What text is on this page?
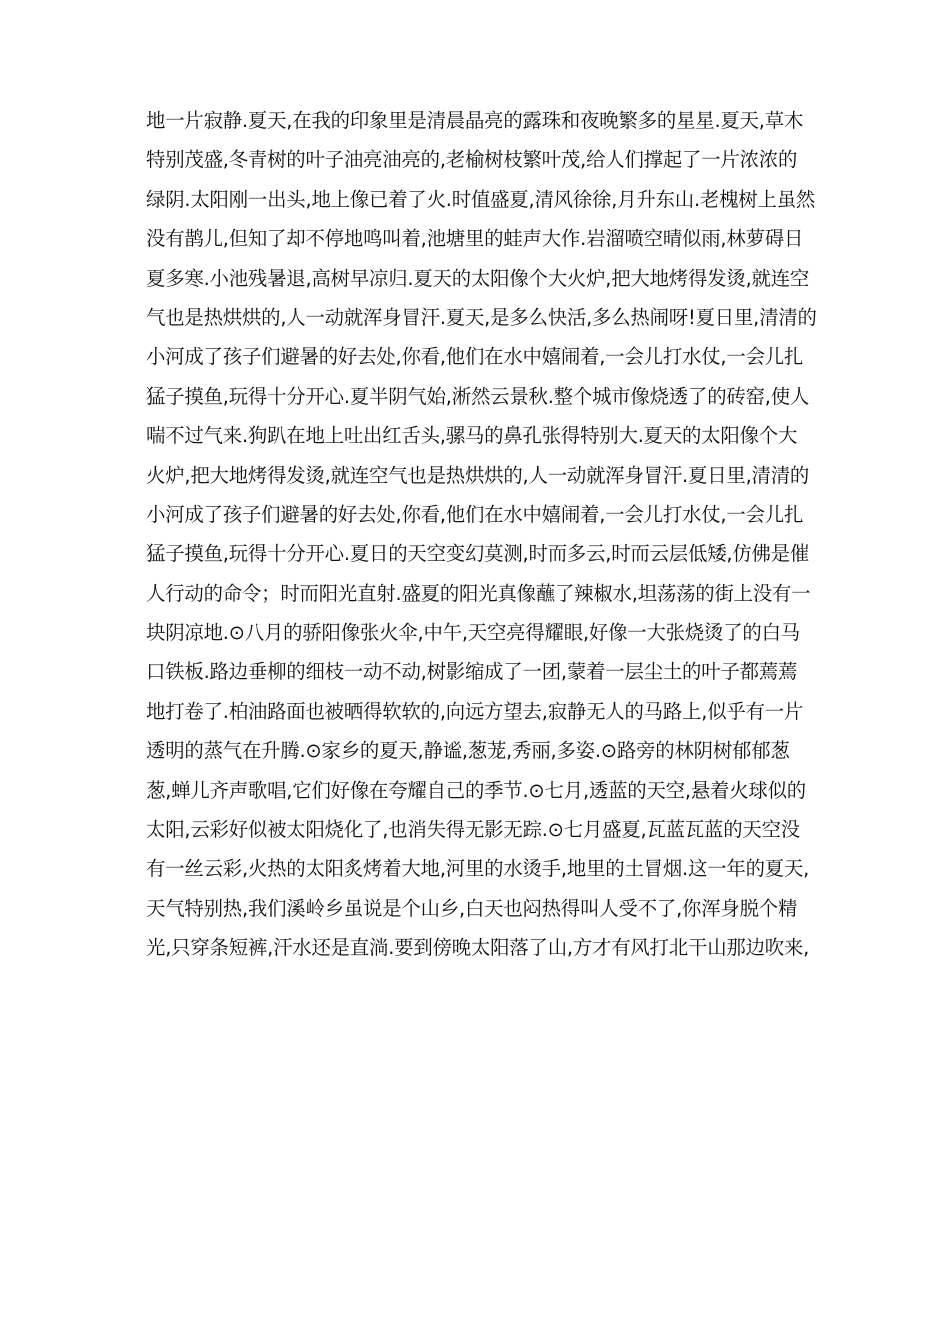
地一片寂静.夏天,在我的印象里是清晨晶亮的露珠和夜晚繁多的星星.夏天,草木
特别茂盛,冬青树的叶子油亮油亮的,老榆树枝繁叶茂,给人们撑起了一片浓浓的
绿阴.太阳刚一出头,地上像已着了火.时值盛夏,清风徐徐,月升东山.老槐树上虽然
没有鹊儿,但知了却不停地鸣叫着,池塘里的蛙声大作.岩溜喷空晴似雨,林萝碍日
夏多寒.小池残暑退,高树早凉归.夏天的太阳像个大火炉,把大地烤得发烫,就连空
气也是热烘烘的,人一动就浑身冒汗.夏天,是多么快活,多么热闹呀!夏日里,清清的
小河成了孩子们避暑的好去处,你看,他们在水中嬉闹着,一会儿打水仗,一会儿扎
猛子摸鱼,玩得十分开心.夏半阴气始,淅然云景秋.整个城市像烧透了的砖窑,使人
喘不过气来.狗趴在地上吐出红舌头,骡马的鼻孔张得特别大.夏天的太阳像个大
火炉,把大地烤得发烫,就连空气也是热烘烘的,人一动就浑身冒汗.夏日里,清清的
小河成了孩子们避暑的好去处,你看,他们在水中嬉闹着,一会儿打水仗,一会儿扎
猛子摸鱼,玩得十分开心.夏日的天空变幻莫测,时而多云,时而云层低矮,仿佛是催
人行动的命令；时而阳光直射.盛夏的阳光真像蘸了辣椒水,坦荡荡的街上没有一
块阴凉地.⊙八月的骄阳像张火伞,中午,天空亮得耀眼,好像一大张烧烫了的白马
口铁板.路边垂柳的细枝一动不动,树影缩成了一团,蒙着一层尘土的叶子都蔫蔫
地打卷了.柏油路面也被晒得软软的,向远方望去,寂静无人的马路上,似乎有一片
透明的蒸气在升腾.⊙家乡的夏天,静谧,葱茏,秀丽,多姿.⊙路旁的林阴树郁郁葱
葱,蝉儿齐声歌唱,它们好像在夸耀自己的季节.⊙七月,透蓝的天空,悬着火球似的
太阳,云彩好似被太阳烧化了,也消失得无影无踪.⊙七月盛夏,瓦蓝瓦蓝的天空没
有一丝云彩,火热的太阳炙烤着大地,河里的水烫手,地里的土冒烟.这一年的夏天,
天气特别热,我们溪岭乡虽说是个山乡,白天也闷热得叫人受不了,你浑身脱个精
光,只穿条短裤,汗水还是直淌.要到傍晚太阳落了山,方才有风打北干山那边吹来,
